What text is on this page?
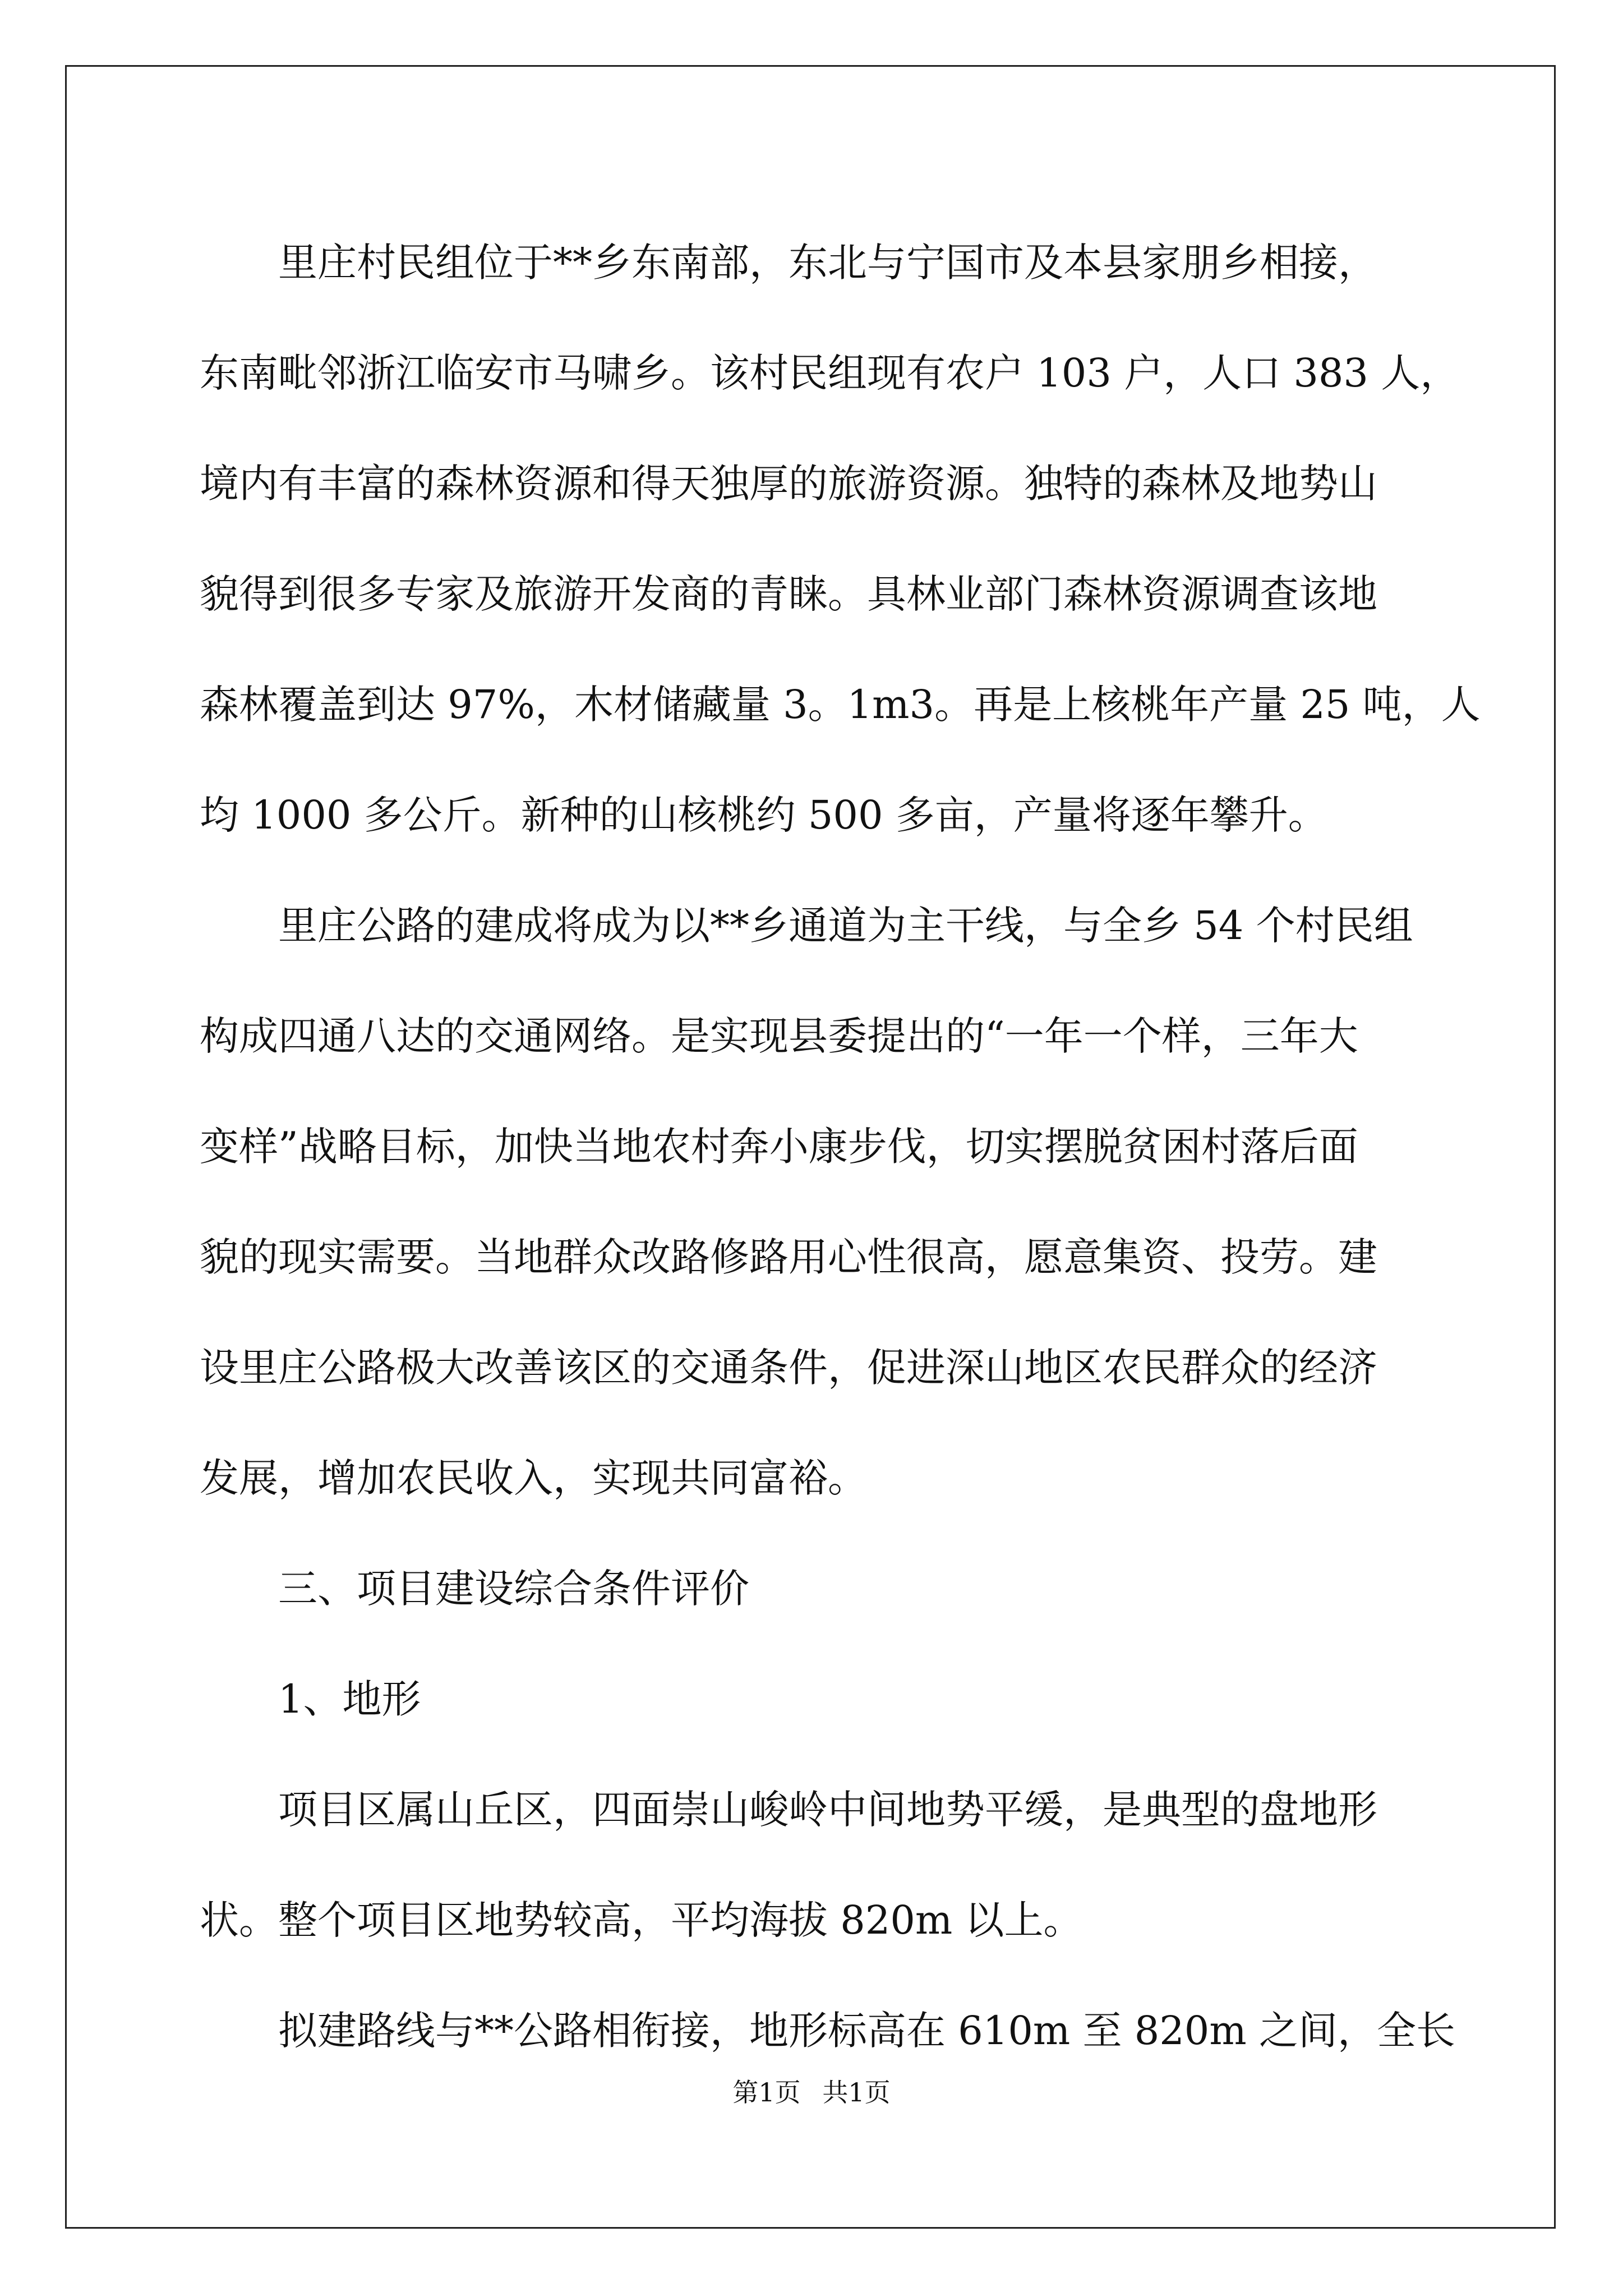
里庄村民组位于**乡东南部，东北与宁国市及本县家朋乡相接，
东南毗邻浙江临安市马啸乡。该村民组现有农户 103 户，人口 383 人，
境内有丰富的森林资源和得天独厚的旅游资源。独特的森林及地势山
貌得到很多专家及旅游开发商的青睐。具林业部门森林资源调查该地
森林覆盖到达 97%，木材储藏量 3。1m3。再是上核桃年产量 25 吨，人
均 1000 多公斤。新种的山核桃约 500 多亩，产量将逐年攀升。
里庄公路的建成将成为以**乡通道为主干线，与全乡 54 个村民组
构成四通八达的交通网络。是实现县委提出的“一年一个样，三年大
变样”战略目标，加快当地农村奔小康步伐，切实摆脱贫困村落后面
貌的现实需要。当地群众改路修路用心性很高，愿意集资、投劳。建
设里庄公路极大改善该区的交通条件，促进深山地区农民群众的经济
发展，增加农民收入，实现共同富裕。
三、项目建设综合条件评价
1、地形
项目区属山丘区，四面崇山峻岭中间地势平缓，是典型的盘地形
状。整个项目区地势较高，平均海拔 820m 以上。
拟建路线与**公路相衔接，地形标高在 610m 至 820m 之间，全长
第1页 共1页
